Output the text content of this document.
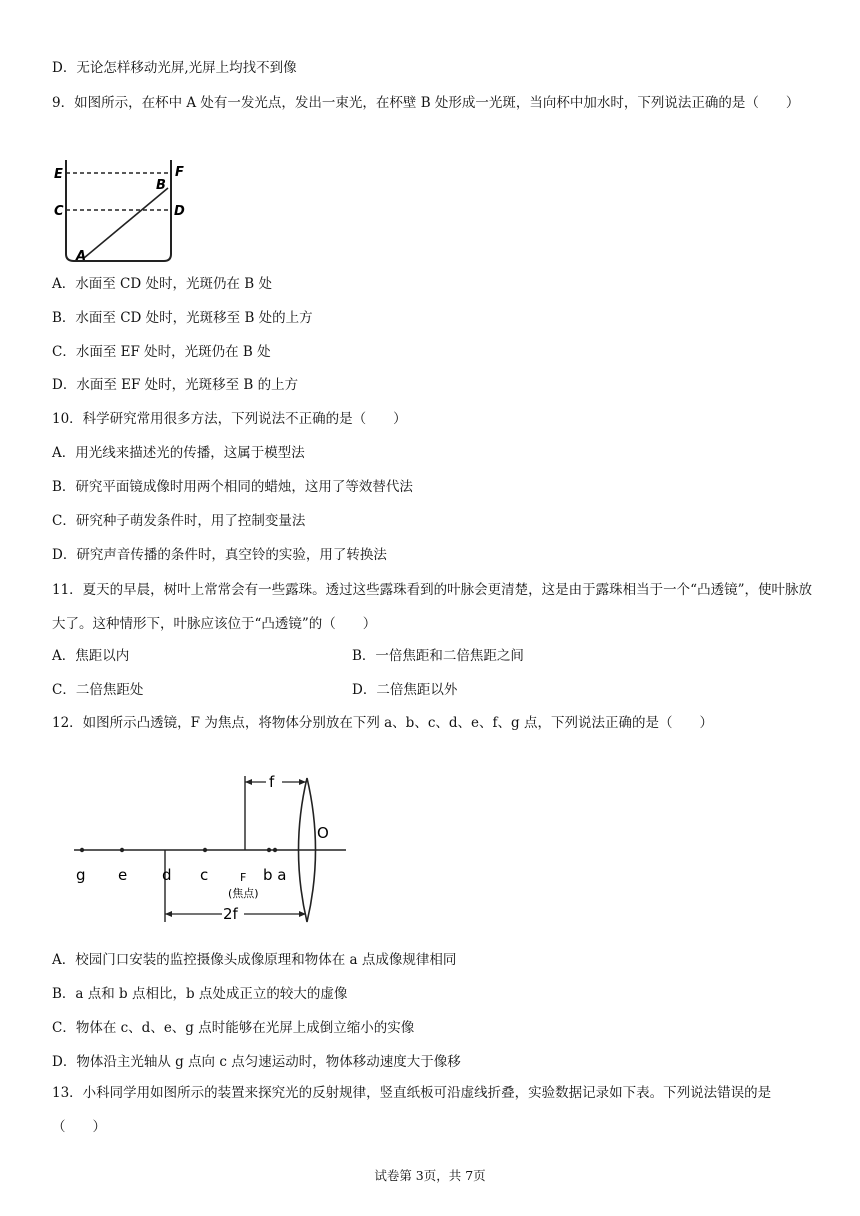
D．无论怎样移动光屏,光屏上均找不到像
9．如图所示，在杯中 A 处有一发光点，发出一束光，在杯壁 B 处形成一光斑，当向杯中加水时，下列说法正确的是（　　）
E	F
C	D
B
A
A．水面至 CD 处时，光斑仍在 B 处
B．水面至 CD 处时，光斑移至 B 处的上方
C．水面至 EF 处时，光斑仍在 B 处
D．水面至 EF 处时，光斑移至 B 的上方
10．科学研究常用很多方法，下列说法不正确的是（　　）
A．用光线来描述光的传播，这属于模型法
B．研究平面镜成像时用两个相同的蜡烛，这用了等效替代法
C．研究种子萌发条件时，用了控制变量法
D．研究声音传播的条件时，真空铃的实验，用了转换法
11．夏天的早晨，树叶上常常会有一些露珠。透过这些露珠看到的叶脉会更清楚，这是由于露珠相当于一个“凸透镜”，使叶脉放大了。这种情形下，叶脉应该位于“凸透镜”的（　　）
A．焦距以内	B．一倍焦距和二倍焦距之间
C．二倍焦距处	D．二倍焦距以外
12．如图所示凸透镜，F 为焦点，将物体分别放在下列 a、b、c、d、e、f、g 点，下列说法正确的是（　　）
f
O
2f
g e d c	F b a
(焦点)
A．校园门口安装的监控摄像头成像原理和物体在 a 点成像规律相同
B．a 点和 b 点相比，b 点处成正立的较大的虚像
C．物体在 c、d、e、g 点时能够在光屏上成倒立缩小的实像
D．物体沿主光轴从 g 点向 c 点匀速运动时，物体移动速度大于像移
13．小科同学用如图所示的装置来探究光的反射规律，竖直纸板可沿虚线折叠，实验数据记录如下表。下列说法错误的是（　　）
试卷第 3页，共 7页
